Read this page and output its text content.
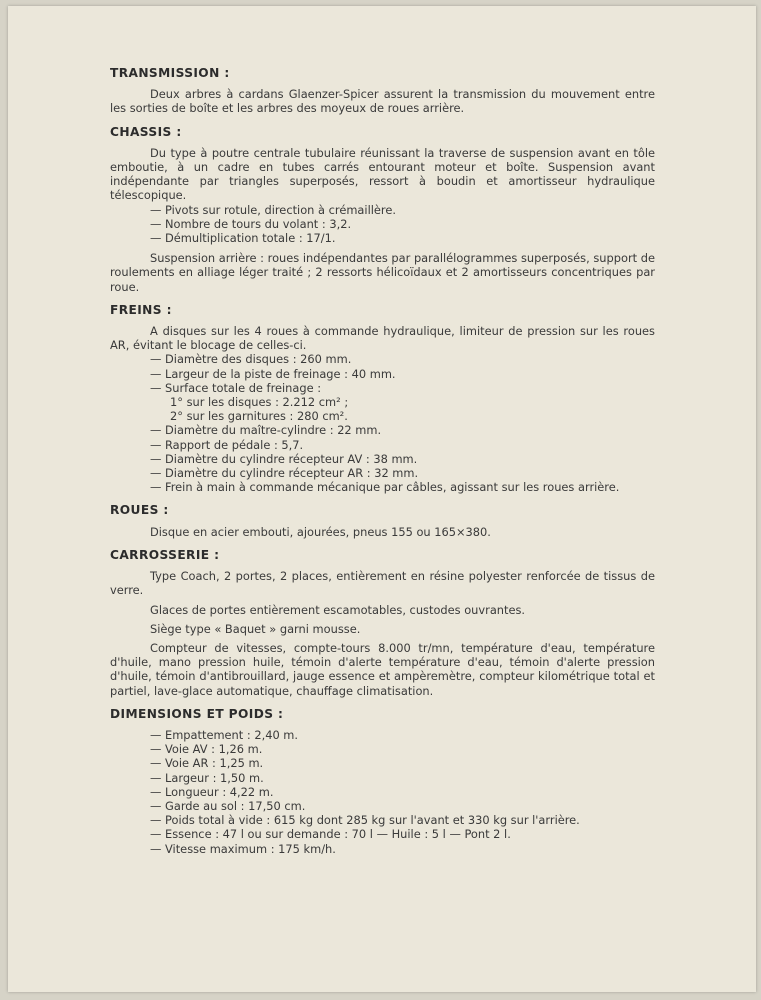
TRANSMISSION :
Deux arbres à cardans Glaenzer-Spicer assurent la transmission du mouvement entre les sorties de boîte et les arbres des moyeux de roues arrière.
CHASSIS :
Du type à poutre centrale tubulaire réunissant la traverse de suspension avant en tôle emboutie, à un cadre en tubes carrés entourant moteur et boîte. Suspension avant indépendante par triangles superposés, ressort à boudin et amortisseur hydraulique télescopique.
— Pivots sur rotule, direction à crémaillère.
— Nombre de tours du volant : 3,2.
— Démultiplication totale : 17/1.
Suspension arrière : roues indépendantes par parallélogrammes superposés, support de roulements en alliage léger traité ; 2 ressorts hélicoïdaux et 2 amortisseurs concentriques par roue.
FREINS :
A disques sur les 4 roues à commande hydraulique, limiteur de pression sur les roues AR, évitant le blocage de celles-ci.
— Diamètre des disques : 260 mm.
— Largeur de la piste de freinage : 40 mm.
— Surface totale de freinage :
1° sur les disques : 2.212 cm² ;
2° sur les garnitures : 280 cm².
— Diamètre du maître-cylindre : 22 mm.
— Rapport de pédale : 5,7.
— Diamètre du cylindre récepteur AV : 38 mm.
— Diamètre du cylindre récepteur AR : 32 mm.
— Frein à main à commande mécanique par câbles, agissant sur les roues arrière.
ROUES :
Disque en acier embouti, ajourées, pneus 155 ou 165×380.
CARROSSERIE :
Type Coach, 2 portes, 2 places, entièrement en résine polyester renforcée de tissus de verre.
Glaces de portes entièrement escamotables, custodes ouvrantes.
Siège type « Baquet » garni mousse.
Compteur de vitesses, compte-tours 8.000 tr/mn, température d'eau, température d'huile, mano pression huile, témoin d'alerte température d'eau, témoin d'alerte pression d'huile, témoin d'antibrouillard, jauge essence et ampèremètre, compteur kilométrique total et partiel, lave-glace automatique, chauffage climatisation.
DIMENSIONS ET POIDS :
— Empattement : 2,40 m.
— Voie AV : 1,26 m.
— Voie AR : 1,25 m.
— Largeur : 1,50 m.
— Longueur : 4,22 m.
— Garde au sol : 17,50 cm.
— Poids total à vide : 615 kg dont 285 kg sur l'avant et 330 kg sur l'arrière.
— Essence : 47 l ou sur demande : 70 l — Huile : 5 l — Pont 2 l.
— Vitesse maximum : 175 km/h.
